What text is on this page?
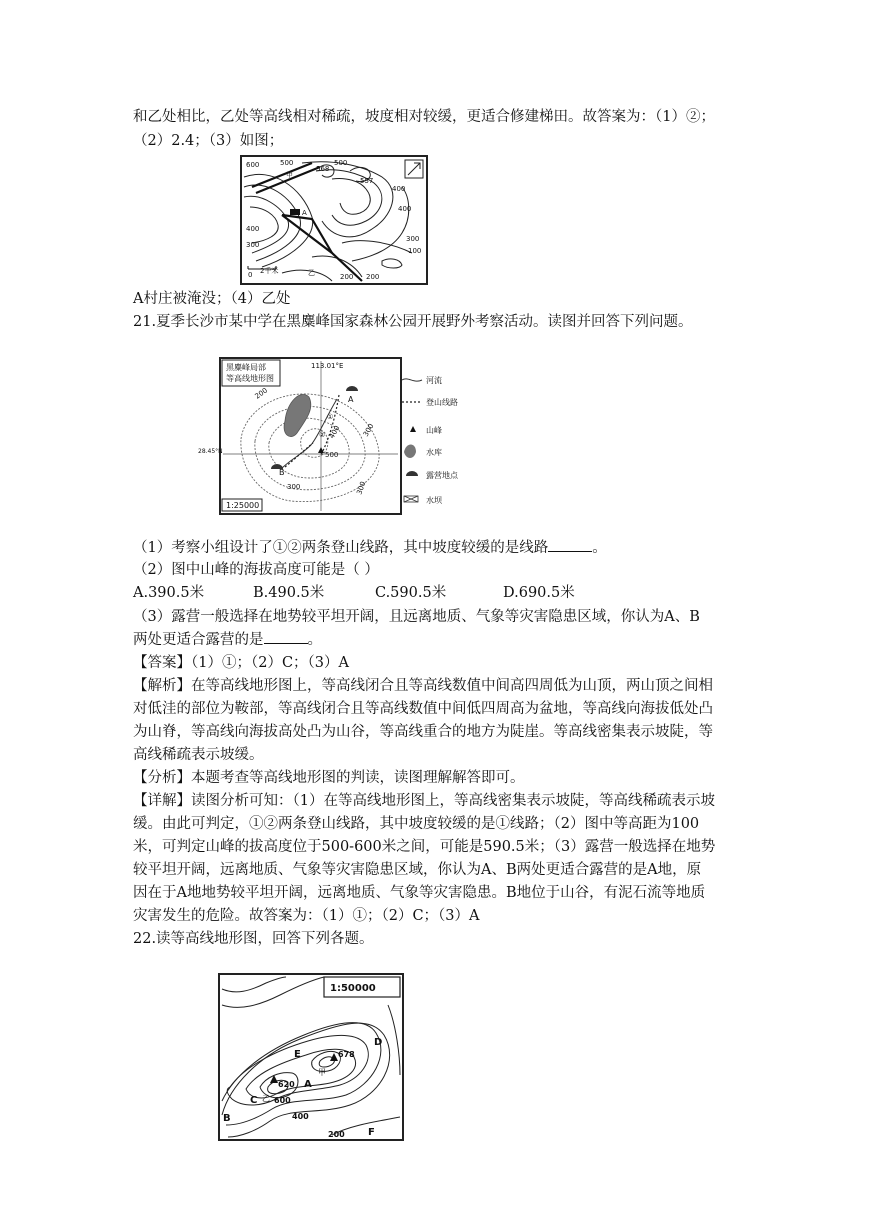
和乙处相比，乙处等高线相对稀疏，坡度相对较缓，更适合修建梯田。故答案为：（1）②；
（2）2.4；（3）如图；
600	500	500
568
557
400
400
400
300
300
甲
A
100
0 2千米	乙	200 200
A村庄被淹没；（4）乙处
21.夏季长沙市某中学在黑麋峰国家森林公园开展野外考察活动。读图并回答下列问题。
黑麋峰局部
等高线地形图
113.01°E
200
300
400
500
300
300
A
B
①
②
1:25000
28.45°N
河流
登山线路
山峰
水库
露营地点
水坝
（1）考察小组设计了①②两条登山线路，其中坡度较缓的是线路	。
（2）图中山峰的海拔高度可能是（ ）
A.390.5米	B.490.5米	C.590.5米	D.690.5米
（3）露营一般选择在地势较平坦开阔，且远离地质、气象等灾害隐患区域，你认为A、B
两处更适合露营的是	。
【答案】（1）①；（2）C；（3）A
【解析】在等高线地形图上，等高线闭合且等高线数值中间高四周低为山顶，两山顶之间相
对低洼的部位为鞍部，等高线闭合且等高线数值中间低四周高为盆地，等高线向海拔低处凸
为山脊，等高线向海拔高处凸为山谷，等高线重合的地方为陡崖。等高线密集表示坡陡，等
高线稀疏表示坡缓。
【分析】本题考查等高线地形图的判读，读图理解解答即可。
【详解】读图分析可知：（1）在等高线地形图上，等高线密集表示坡陡，等高线稀疏表示坡
缓。由此可判定，①②两条登山线路，其中坡度较缓的是①线路；（2）图中等高距为100
米，可判定山峰的拔高度位于500-600米之间，可能是590.5米；（3）露营一般选择在地势
较平坦开阔，远离地质、气象等灾害隐患区域，你认为A、B两处更适合露营的是A地，原
因在于A地地势较平坦开阔，远离地质、气象等灾害隐患。B地位于山谷，有泥石流等地质
灾害发生的危险。故答案为：（1）①；（2）C；（3）A
22.读等高线地形图，回答下列各题。
1:50000
E
D
A
C
B
F
甲
乙
678
620
600
400
200
